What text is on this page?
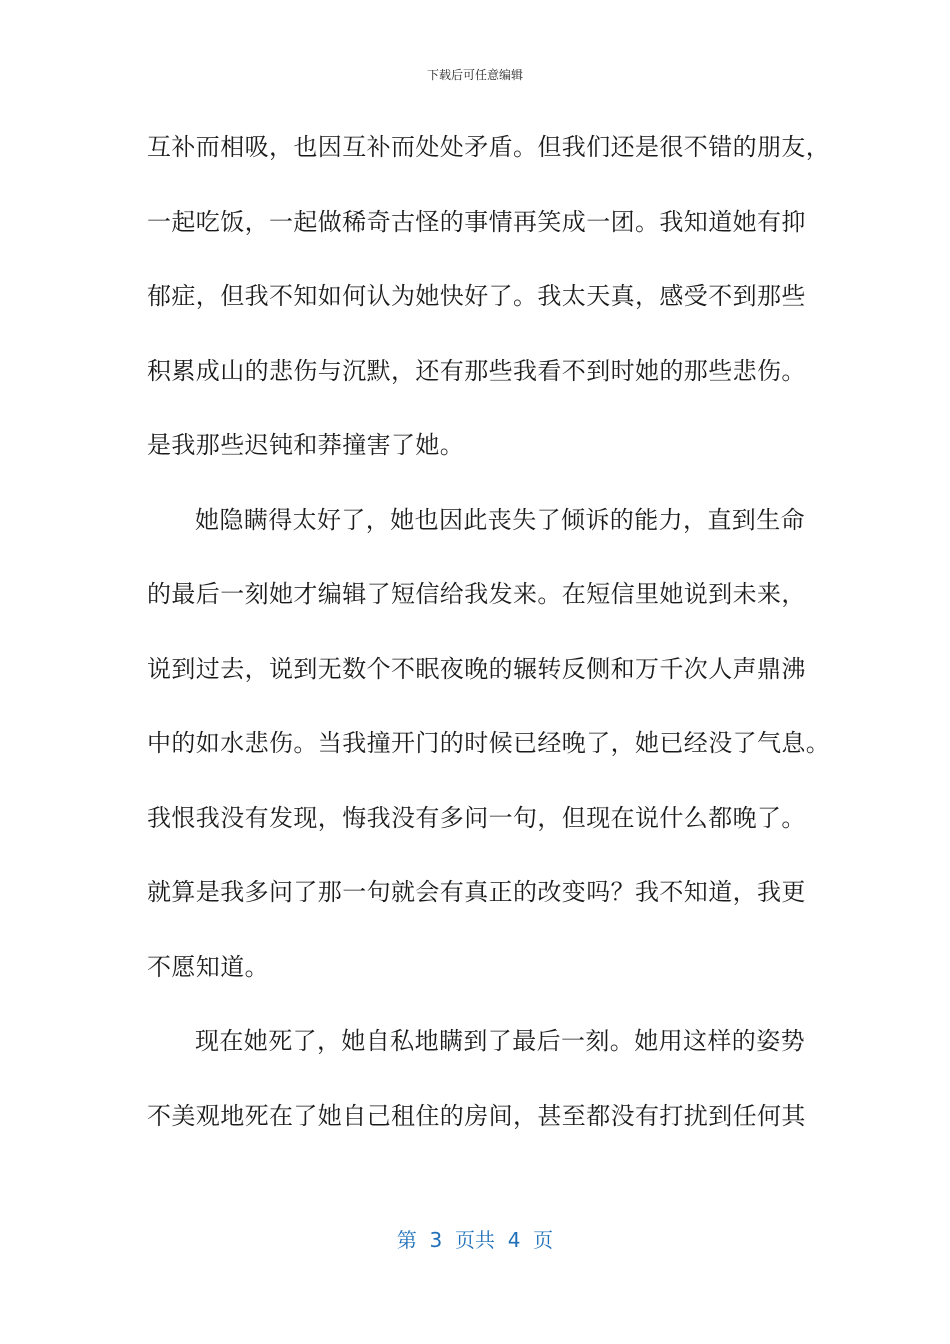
下载后可任意编辑
互补而相吸，也因互补而处处矛盾。但我们还是很不错的朋友，
一起吃饭，一起做稀奇古怪的事情再笑成一团。我知道她有抑
郁症，但我不知如何认为她快好了。我太天真，感受不到那些
积累成山的悲伤与沉默，还有那些我看不到时她的那些悲伤。
是我那些迟钝和莽撞害了她。
她隐瞒得太好了，她也因此丧失了倾诉的能力，直到生命
的最后一刻她才编辑了短信给我发来。在短信里她说到未来，
说到过去，说到无数个不眠夜晚的辗转反侧和万千次人声鼎沸
中的如水悲伤。当我撞开门的时候已经晚了，她已经没了气息。
我恨我没有发现，悔我没有多问一句，但现在说什么都晚了。
就算是我多问了那一句就会有真正的改变吗？我不知道，我更
不愿知道。
现在她死了，她自私地瞒到了最后一刻。她用这样的姿势
不美观地死在了她自己租住的房间，甚至都没有打扰到任何其
第  3  页共  4  页
